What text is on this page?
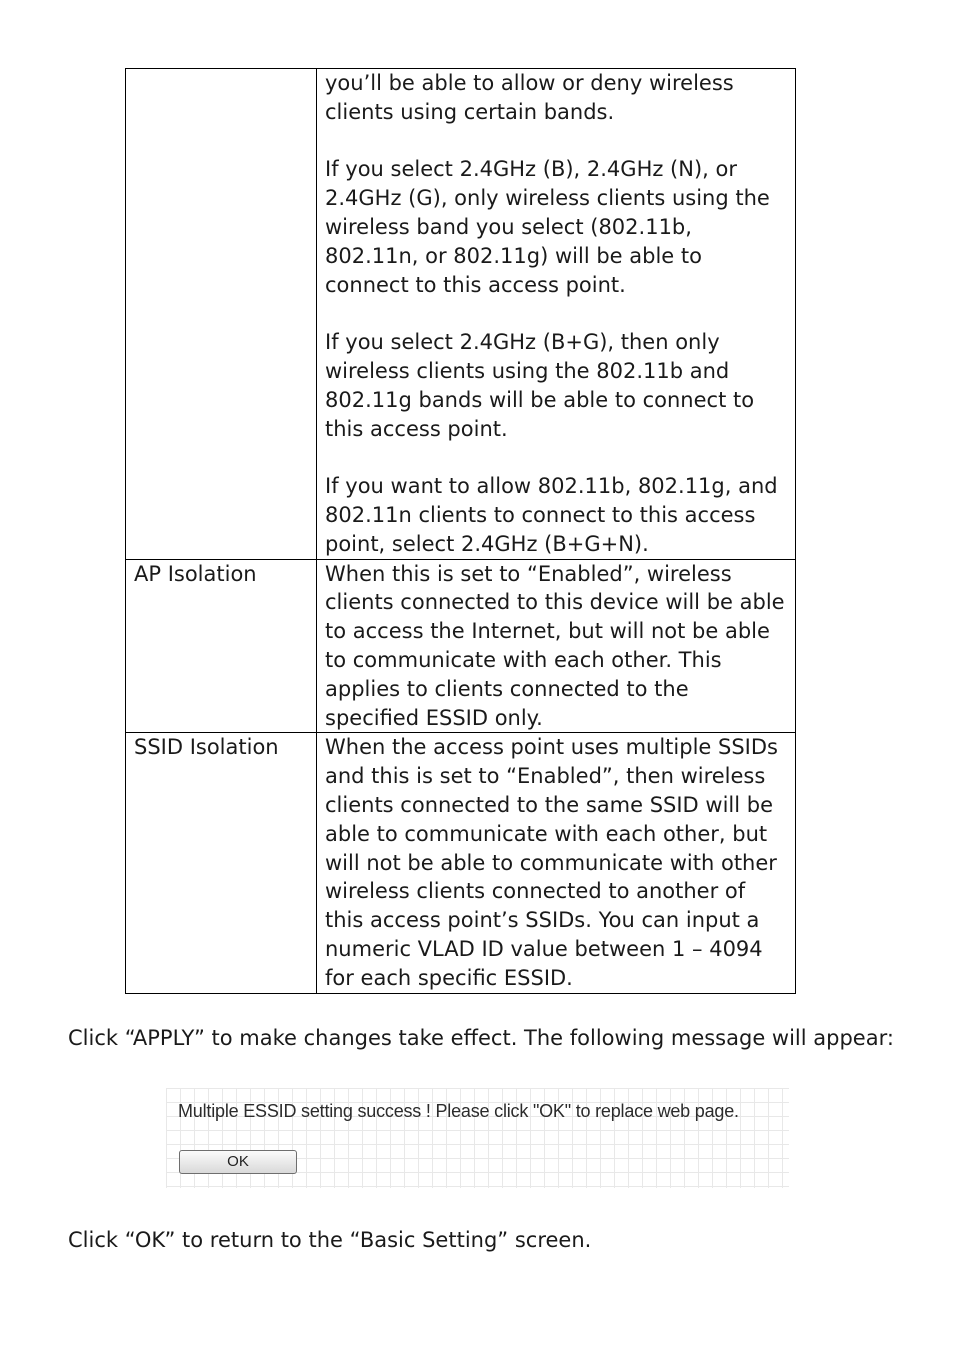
	you’ll be able to allow or deny wireless clients using certain bands.

If you select 2.4GHz (B), 2.4GHz (N), or 2.4GHz (G), only wireless clients using the wireless band you select (802.11b, 802.11n, or 802.11g) will be able to connect to this access point.

If you select 2.4GHz (B+G), then only wireless clients using the 802.11b and 802.11g bands will be able to connect to this access point.

If you want to allow 802.11b, 802.11g, and 802.11n clients to connect to this access point, select 2.4GHz (B+G+N).

AP Isolation	When this is set to “Enabled”, wireless clients connected to this device will be able to access the Internet, but will not be able to communicate with each other. This applies to clients connected to the specified ESSID only.

SSID Isolation	When the access point uses multiple SSIDs and this is set to “Enabled”, then wireless clients connected to the same SSID will be able to communicate with each other, but will not be able to communicate with other wireless clients connected to another of this access point’s SSIDs. You can input a numeric VLAD ID value between 1 – 4094 for each specific ESSID.

Click “APPLY” to make changes take effect. The following message will appear:

Multiple ESSID setting success ! Please click "OK" to replace web page.
OK

Click “OK” to return to the “Basic Setting” screen.
